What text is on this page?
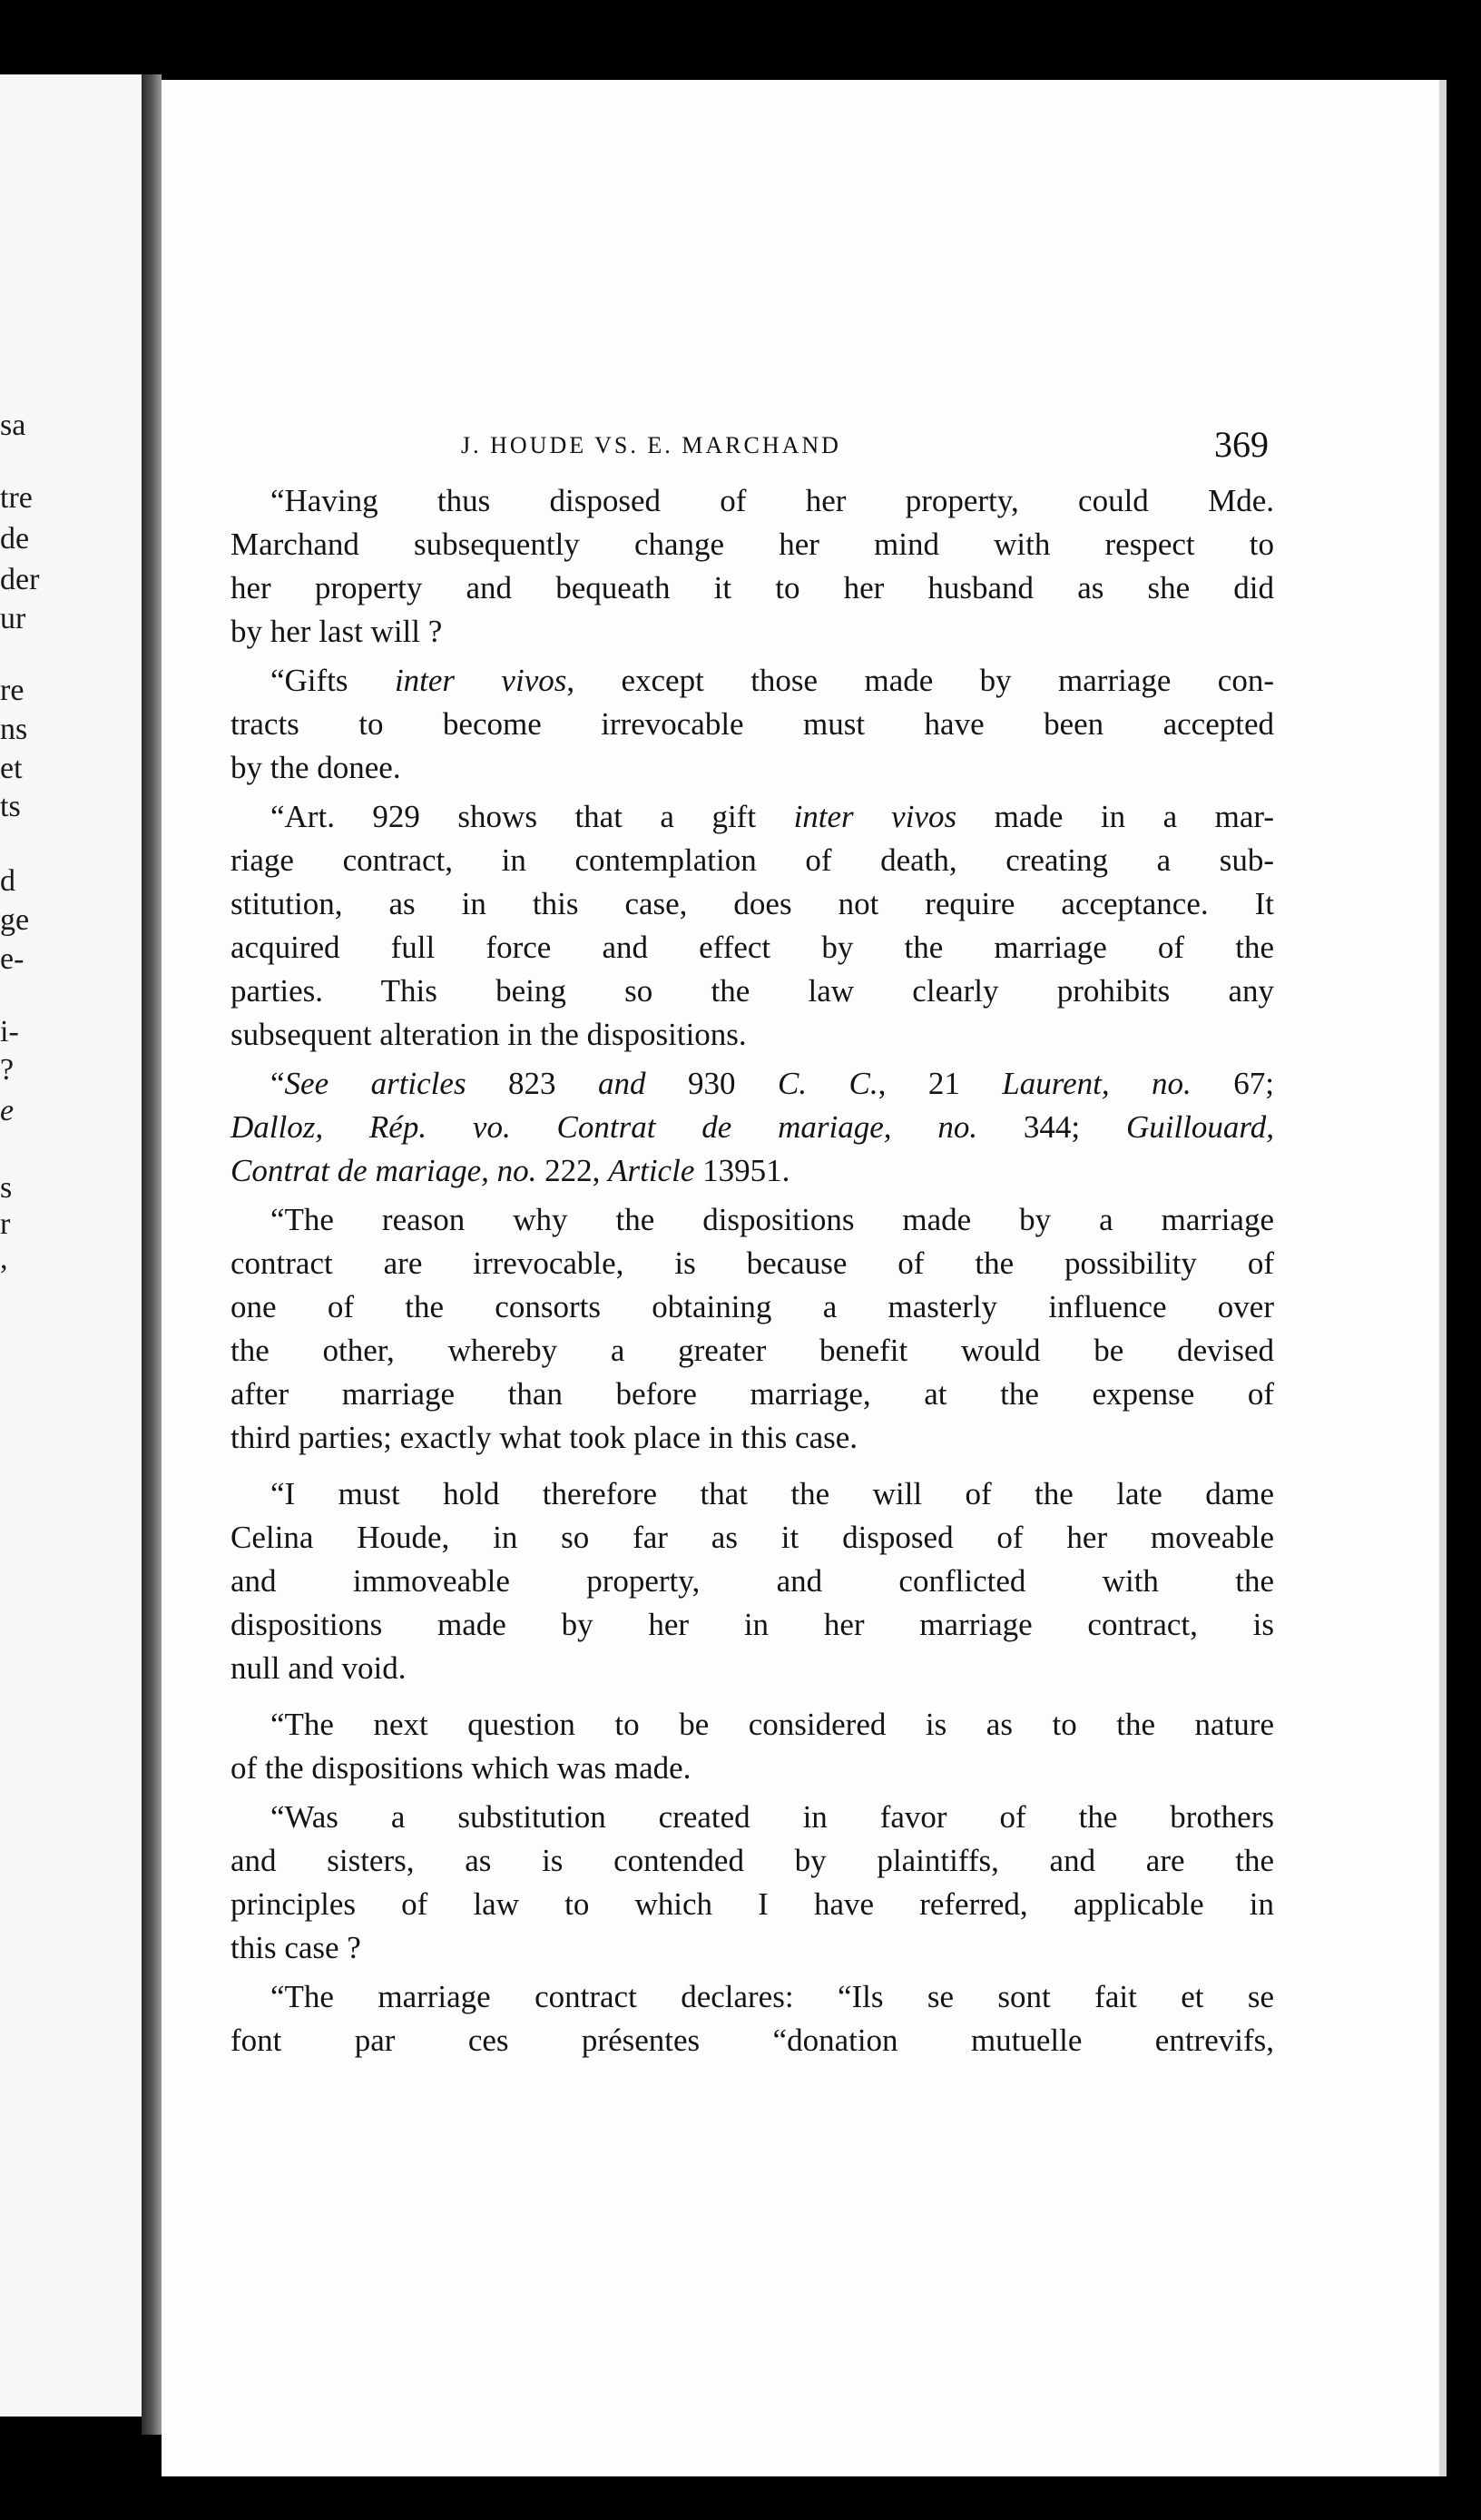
sa
tre
de
der
ur
re
ns
et
ts
d
ge
e-
i-
?
e
s
r
,
J. HOUDE VS. E. MARCHAND	369
“Having thus disposed of her property, could Mde.
Marchand subsequently change her mind with respect to
her property and bequeath it to her husband as she did
by her last will ?
“Gifts inter vivos, except those made by marriage con-
tracts to become irrevocable must have been accepted
by the donee.
“Art. 929 shows that a gift inter vivos made in a mar-
riage contract, in contemplation of death, creating a sub-
stitution, as in this case, does not require acceptance. It
acquired full force and effect by the marriage of the
parties. This being so the law clearly prohibits any
subsequent alteration in the dispositions.
“See articles 823 and 930 C. C., 21 Laurent, no. 67;
Dalloz, Rép. vo. Contrat de mariage, no. 344; Guillouard,
Contrat de mariage, no. 222, Article 13951.
“The reason why the dispositions made by a marriage
contract are irrevocable, is because of the possibility of
one of the consorts obtaining a masterly influence over
the other, whereby a greater benefit would be devised
after marriage than before marriage, at the expense of
third parties; exactly what took place in this case.
“I must hold therefore that the will of the late dame
Celina Houde, in so far as it disposed of her moveable
and immoveable property, and conflicted with the
dispositions made by her in her marriage contract, is
null and void.
“The next question to be considered is as to the nature
of the dispositions which was made.
“Was a substitution created in favor of the brothers
and sisters, as is contended by plaintiffs, and are the
principles of law to which I have referred, applicable in
this case ?
“The marriage contract declares: “Ils se sont fait et se
font par ces présentes “donation mutuelle entrevifs,
